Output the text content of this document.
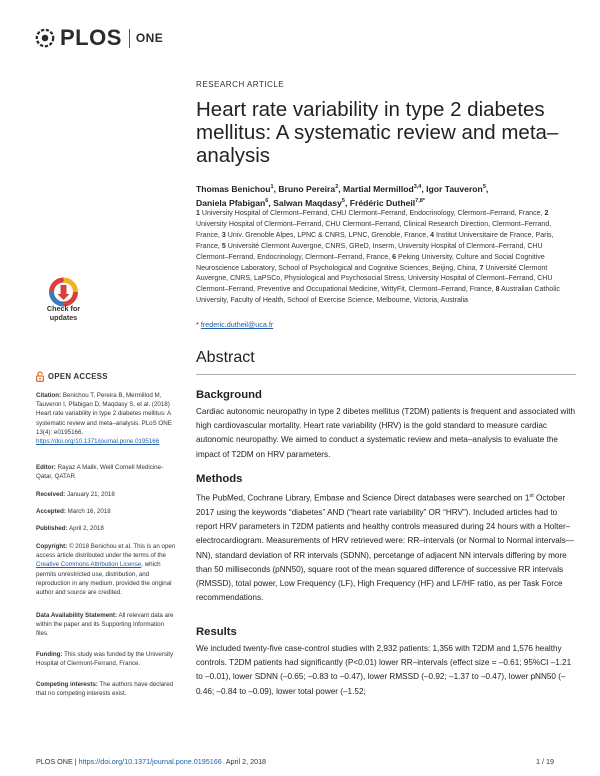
PLOS ONE
RESEARCH ARTICLE
Heart rate variability in type 2 diabetes mellitus: A systematic review and meta–analysis
Thomas Benichou$^1$, Bruno Pereira$^2$, Martial Mermillod$^{3,4}$, Igor Tauveron$^5$,
Daniela Pfabigan$^6$, Salwan Maqdasy$^5$, Frédéric Dutheil$^{7,8*}$
1 University Hospital of Clermont–Ferrand, CHU Clermont–Ferrand, Endocrinology, Clermont–Ferrand, France, 2 University Hospital of Clermont–Ferrand, CHU Clermont–Ferrand, Clinical Research Direction, Clermont–Ferrand, France, 3 Univ. Grenoble Alpes, LPNC & CNRS, LPNC, Grenoble, France, 4 Institut Universitaire de France, Paris, France, 5 Université Clermont Auvergne, CNRS, GReD, Inserm, University Hospital of Clermont–Ferrand, CHU Clermont–Ferrand, Endocrinology, Clermont–Ferrand, France, 6 Peking University, Culture and Social Cognitive Neuroscience Laboratory, School of Psychological and Cognitive Sciences, Beijing, China, 7 Université Clermont Auvergne, CNRS, LaPSCo, Physiological and Psychosocial Stress, University Hospital of Clermont–Ferrand, CHU Clermont–Ferrand, Preventive and Occupational Medicine, WittyFit, Clermont–Ferrand, France, 8 Australian Catholic University, Faculty of Health, School of Exercise Science, Melbourne, Victoria, Australia
* frederic.dutheil@uca.fr
Abstract
Background

Cardiac autonomic neuropathy in type 2 dibetes mellitus (T2DM) patients is frequent and associated with high cardiovascular mortality. Heart rate variability (HRV) is the gold standard to measure cardiac autonomic neuropathy. We aimed to conduct a systematic review and meta–analysis to evaluate the impact of T2DM on HRV parameters.

Methods

The PubMed, Cochrane Library, Embase and Science Direct databases were searched on 1st October 2017 using the keywords “diabetes” AND (“heart rate variability” OR “HRV”). Included articles had to report HRV parameters in T2DM patients and healthy controls measured during 24 hours with a Holter–electrocardiogram. Measurements of HRV retrieved were: RR–intervals (or Normal to Normal intervals—NN), standard deviation of RR intervals (SDNN), percetange of adjacent NN intervals differing by more than 50 milliseconds (pNN50), square root of the mean squared difference of successive RR intervals (RMSSD), total power, Low Frequency (LF), High Frequency (HF) and LF/HF ratio, as per Task Force recommendations.

Results

We included twenty-five case-control studies with 2,932 patients: 1,356 with T2DM and 1,576 healthy controls. T2DM patients had significantly (P<0.01) lower RR–intervals (effect size = –0.61; 95%CI –1.21 to –0.01), lower SDNN (–0.65; –0.83 to –0.47), lower RMSSD (–0.92; –1.37 to –0.47), lower pNN50 (–0.46; –0.84 to –0.09), lower total power (–1.52;

Check for
updates
OPEN ACCESS
Citation: Benichou T, Pereira B, Mermillod M, Tauveron I, Pfabigan D, Maqdasy S, et al. (2018) Heart rate variability in type 2 diabetes mellitus: A systematic review and meta–analysis. PLoS ONE 13(4): e0195166. https://doi.org/10.1371/journal.pone.0195166
Editor: Rayaz A Malik, Weill Cornell Medicine-Qatar, QATAR
Received: January 21, 2018
Accepted: March 16, 2018
Published: April 2, 2018
Copyright: © 2018 Benichou et al. This is an open access article distributed under the terms of the Creative Commons Attribution License, which permits unrestricted use, distribution, and reproduction in any medium, provided the original author and source are credited.
Data Availability Statement: All relevant data are within the paper and its Supporting Information files.
Funding: This study was funded by the University Hospital of Clermont-Ferrand, France.
Competing interests: The authors have declared that no competing interests exist.
PLOS ONE | https://doi.org/10.1371/journal.pone.0195166 April 2, 2018	1 / 19
